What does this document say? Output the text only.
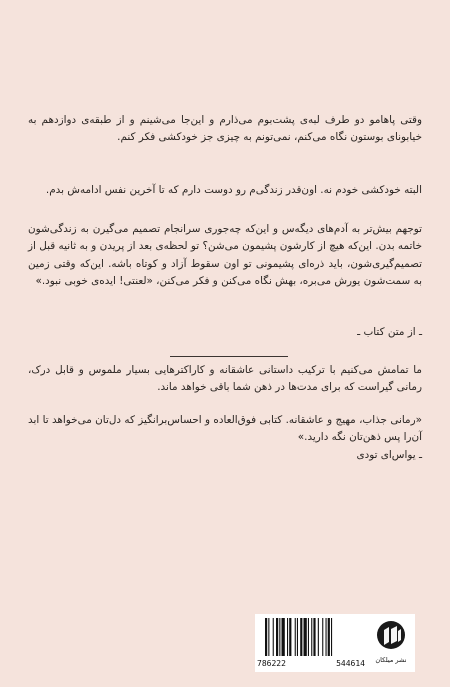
وقتی پاهامو دو طرف لبه‌ی پشت‌بوم می‌ذارم و این‌جا می‌شینم و از طبقه‌ی دوازدهم به خیابونای بوستون نگاه می‌کنم، نمی‌تونم به چیزی جز خودکشی فکر کنم.

البته خودکشی خودم نه. اون‌قدر زندگی‌م رو دوست دارم که تا آخرین نفس ادامه‌ش بدم.

توجهم بیش‌تر به آدم‌های دیگه‌س و این‌که چه‌جوری سرانجام تصمیم می‌گیرن به زندگی‌شون خاتمه بدن. این‌که هیچ از کارشون پشیمون می‌شن؟ تو لحظه‌ی بعد از پریدن و به ثانیه قبل از تصمیم‌گیری‌شون، باید ذره‌ای پشیمونی تو اون سقوط آزاد و کوتاه باشه. این‌که وقتی زمین به سمت‌شون یورش می‌بره، بهش نگاه می‌کنن و فکر می‌کنن، «لعنتی! ایده‌ی خوبی نبود.»

ـ از متن کتاب ـ

ما تمامش می‌کنیم با ترکیب داستانی عاشقانه و کاراکترهایی بسیار ملموس و قابل درک، رمانی گیراست که برای مدت‌ها در ذهن شما باقی خواهد ماند.

«رمانی جذاب، مهیج و عاشقانه. کتابی فوق‌العاده و احساس‌برانگیز که دل‌تان می‌خواهد تا ابد آن‌را پس ذهن‌تان نگه دارید.»

ـ یواس‌ای تودی
786222	544614	نشر میلکان
